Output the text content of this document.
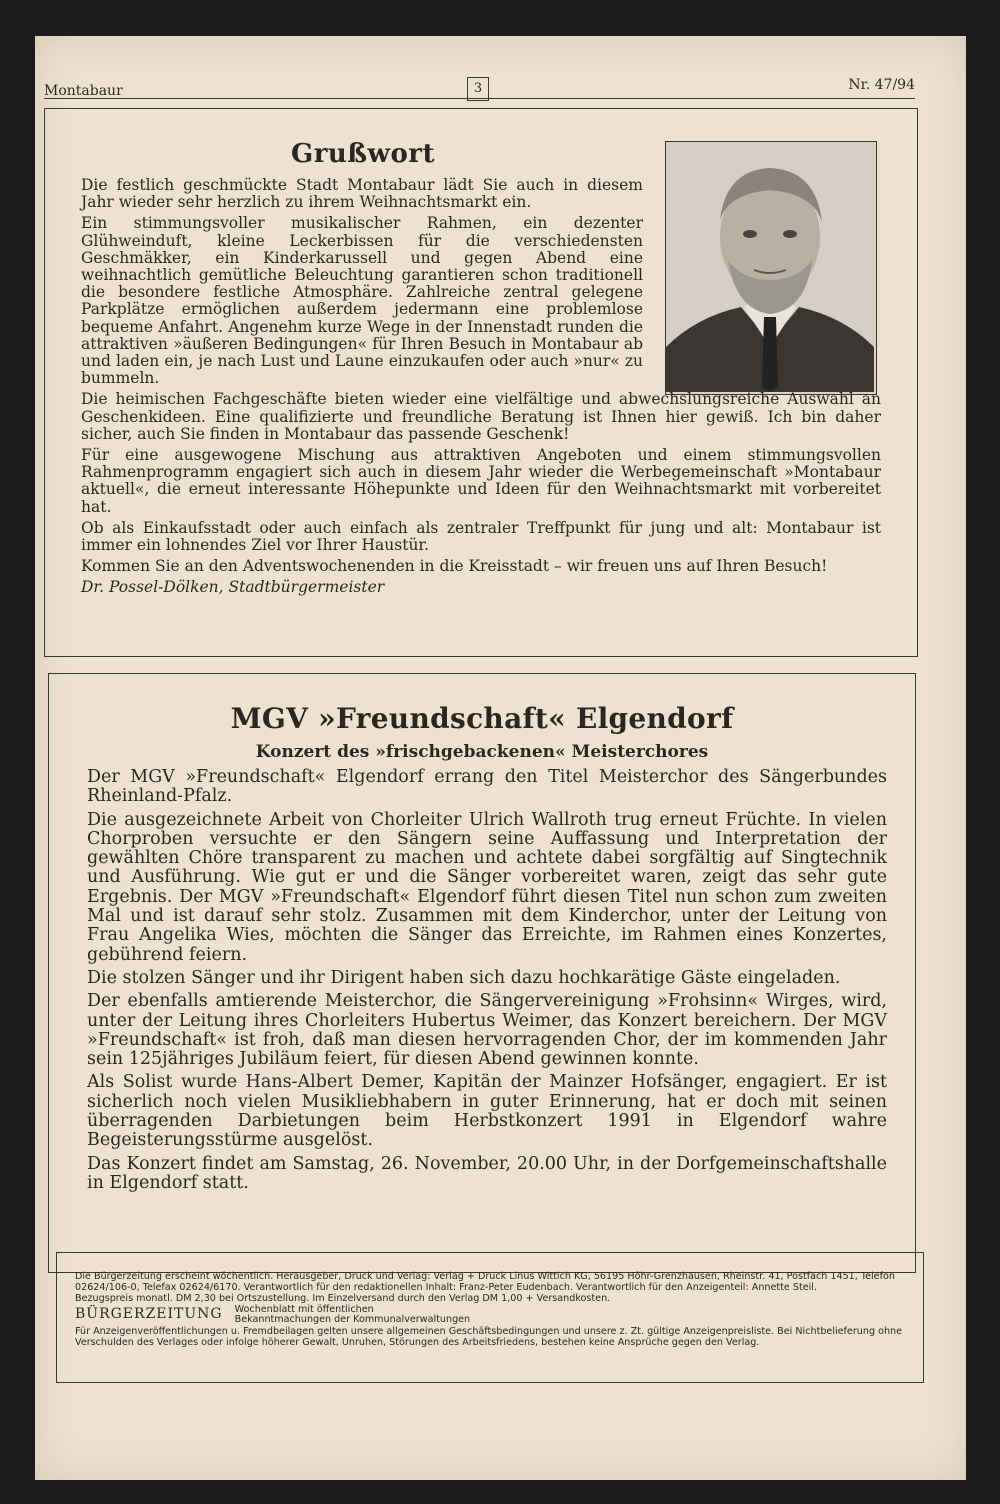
Montabaur	3	Nr. 47/94
Grußwort

Die festlich geschmückte Stadt Montabaur lädt Sie auch in diesem Jahr wieder sehr herzlich zu ihrem Weihnachtsmarkt ein.

Ein stimmungsvoller musikalischer Rahmen, ein dezenter Glühweinduft, kleine Leckerbissen für die verschiedensten Geschmäkker, ein Kinderkarussell und gegen Abend eine weihnachtlich gemütliche Beleuchtung garantieren schon traditionell die besondere festliche Atmosphäre. Zahlreiche zentral gelegene Parkplätze ermöglichen außerdem jedermann eine problemlose bequeme Anfahrt. Angenehm kurze Wege in der Innenstadt runden die attraktiven »äußeren Bedingungen« für Ihren Besuch in Montabaur ab und laden ein, je nach Lust und Laune einzukaufen oder auch »nur« zu bummeln.

Die heimischen Fachgeschäfte bieten wieder eine vielfältige und abwechslungsreiche Auswahl an Geschenkideen. Eine qualifizierte und freundliche Beratung ist Ihnen hier gewiß. Ich bin daher sicher, auch Sie finden in Montabaur das passende Geschenk!

Für eine ausgewogene Mischung aus attraktiven Angeboten und einem stimmungsvollen Rahmenprogramm engagiert sich auch in diesem Jahr wieder die Werbegemeinschaft »Montabaur aktuell«, die erneut interessante Höhepunkte und Ideen für den Weihnachtsmarkt mit vorbereitet hat.

Ob als Einkaufsstadt oder auch einfach als zentraler Treffpunkt für jung und alt: Montabaur ist immer ein lohnendes Ziel vor Ihrer Haustür.

Kommen Sie an den Adventswochenenden in die Kreisstadt – wir freuen uns auf Ihren Besuch!

Dr. Possel-Dölken, Stadtbürgermeister

MGV »Freundschaft« Elgendorf
Konzert des »frischgebackenen« Meisterchores

Der MGV »Freundschaft« Elgendorf errang den Titel Meisterchor des Sängerbundes Rheinland-Pfalz.

Die ausgezeichnete Arbeit von Chorleiter Ulrich Wallroth trug erneut Früchte. In vielen Chorproben versuchte er den Sängern seine Auffassung und Interpretation der gewählten Chöre transparent zu machen und achtete dabei sorgfältig auf Singtechnik und Ausführung. Wie gut er und die Sänger vorbereitet waren, zeigt das sehr gute Ergebnis. Der MGV »Freundschaft« Elgendorf führt diesen Titel nun schon zum zweiten Mal und ist darauf sehr stolz. Zusammen mit dem Kinderchor, unter der Leitung von Frau Angelika Wies, möchten die Sänger das Erreichte, im Rahmen eines Konzertes, gebührend feiern.

Die stolzen Sänger und ihr Dirigent haben sich dazu hochkarätige Gäste eingeladen.

Der ebenfalls amtierende Meisterchor, die Sängervereinigung »Frohsinn« Wirges, wird, unter der Leitung ihres Chorleiters Hubertus Weimer, das Konzert bereichern. Der MGV »Freundschaft« ist froh, daß man diesen hervorragenden Chor, der im kommenden Jahr sein 125jähriges Jubiläum feiert, für diesen Abend gewinnen konnte.

Als Solist wurde Hans-Albert Demer, Kapitän der Mainzer Hofsänger, engagiert. Er ist sicherlich noch vielen Musikliebhabern in guter Erinnerung, hat er doch mit seinen überragenden Darbietungen beim Herbstkonzert 1991 in Elgendorf wahre Begeisterungsstürme ausgelöst.

Das Konzert findet am Samstag, 26. November, 20.00 Uhr, in der Dorfgemeinschaftshalle in Elgendorf statt.

Die Bürgerzeitung erscheint wöchentlich. Herausgeber, Druck und Verlag: Verlag + Druck Linus Wittich KG, 56195 Höhr-Grenzhausen, Rheinstr. 41, Postfach 1451, Telefon 02624/106-0, Telefax 02624/6170. Verantwortlich für den redaktionellen Inhalt: Franz-Peter Eudenbach. Verantwortlich für den Anzeigenteil: Annette Steil.

Bezugspreis monatl. DM 2,30 bei Ortszustellung. Im Einzelversand durch den Verlag DM 1,00 + Versandkosten.

BÜRGERZEITUNG Wochenblatt mit öffentlichen
Bekanntmachungen der Kommunalverwaltungen

Für Anzeigenveröffentlichungen u. Fremdbeilagen gelten unsere allgemeinen Geschäftsbedingungen und unsere z. Zt. gültige Anzeigenpreisliste. Bei Nichtbelieferung ohne Verschulden des Verlages oder infolge höherer Gewalt, Unruhen, Störungen des Arbeitsfriedens, bestehen keine Ansprüche gegen den Verlag.
